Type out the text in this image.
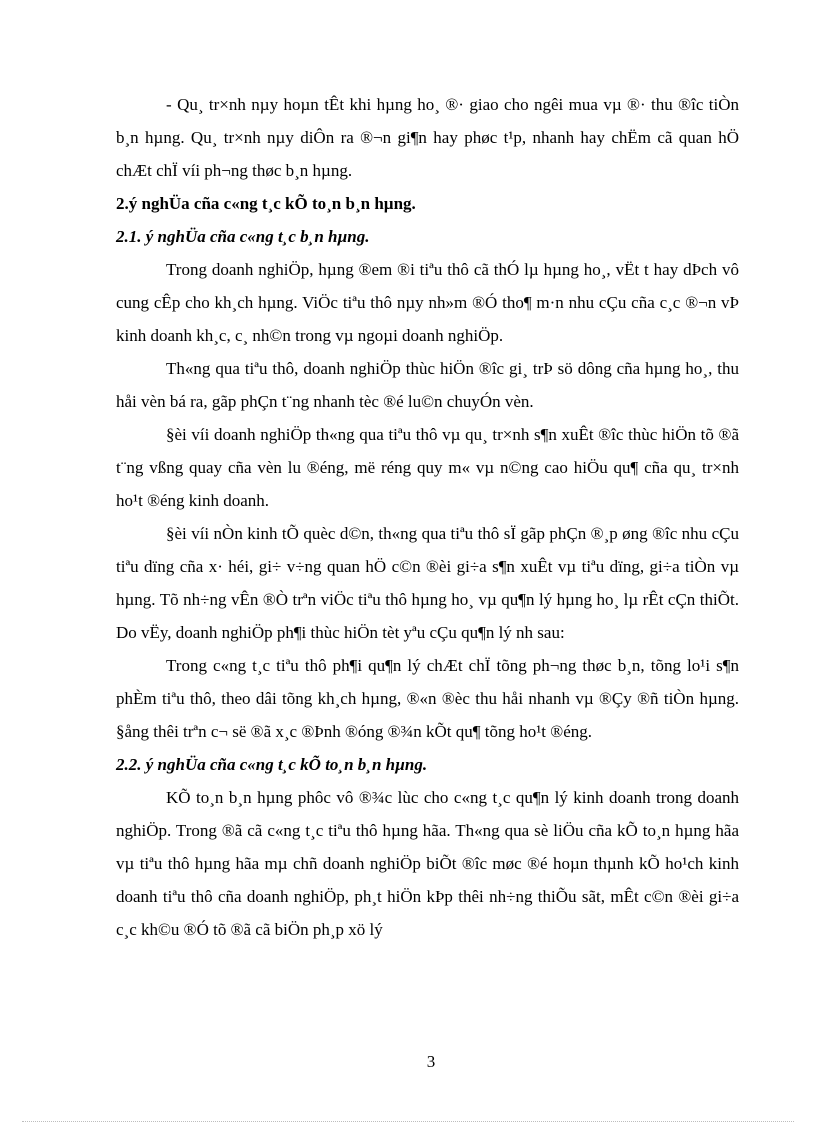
- Qu¸ tr×nh nµy hoµn tÊt khi hµng ho¸ ®· giao cho ngêi mua vµ ®· thu ®îc tiÒn b¸n hµng. Qu¸ tr×nh nµy diÔn ra ®¬n gi¶n hay phøc t¹p, nhanh hay chËm cã quan hÖ chÆt chÏ víi ph¬ng thøc b¸n hµng.

2.ý nghÜa cña c«ng t¸c kÕ to¸n b¸n hµng.

2.1. ý nghÜa cña c«ng t¸c b¸n hµng.

Trong doanh nghiÖp, hµng ®em ®i tiªu thô cã thÓ lµ hµng ho¸, vËt t hay dÞch vô cung cÊp cho kh¸ch hµng. ViÖc tiªu thô nµy nh»m ®Ó tho¶ m·n nhu cÇu cña c¸c ®¬n vÞ kinh doanh kh¸c, c¸ nh©n trong vµ ngoµi doanh nghiÖp.

Th«ng qua tiªu thô, doanh nghiÖp thùc hiÖn ®îc gi¸ trÞ sö dông cña hµng ho¸, thu håi vèn bá ra, gãp phÇn t¨ng nhanh tèc ®é lu©n chuyÓn vèn.

§èi víi doanh nghiÖp th«ng qua tiªu thô vµ qu¸ tr×nh s¶n xuÊt ®îc thùc hiÖn tõ ®ã t¨ng vßng quay cña vèn lu ®éng, më réng quy m« vµ n©ng cao hiÖu qu¶ cña qu¸ tr×nh ho¹t ®éng kinh doanh.

§èi víi nÒn kinh tÕ quèc d©n, th«ng qua tiªu thô sÏ gãp phÇn ®¸p øng ®îc nhu cÇu tiªu dïng cña x· héi, gi÷ v÷ng quan hÖ c©n ®èi gi÷a s¶n xuÊt vµ tiªu dïng, gi÷a tiÒn vµ hµng. Tõ nh÷ng vÊn ®Ò trªn viÖc tiªu thô hµng ho¸ vµ qu¶n lý hµng ho¸ lµ rÊt cÇn thiÕt. Do vËy, doanh nghiÖp ph¶i thùc hiÖn tèt yªu cÇu qu¶n lý nh sau:

Trong c«ng t¸c tiªu thô ph¶i qu¶n lý chÆt chÏ tõng ph¬ng thøc b¸n, tõng lo¹i s¶n phÈm tiªu thô, theo dâi tõng kh¸ch hµng, ®«n ®èc thu håi nhanh vµ ®Çy ®ñ tiÒn hµng. §ång thêi trªn c¬ së ®ã x¸c ®Þnh ®óng ®¾n kÕt qu¶ tõng ho¹t ®éng.

2.2. ý nghÜa cña c«ng t¸c kÕ to¸n b¸n hµng.

KÕ to¸n b¸n hµng phôc vô ®¾c lùc cho c«ng t¸c qu¶n lý kinh doanh trong doanh nghiÖp. Trong ®ã cã c«ng t¸c tiªu thô hµng hãa. Th«ng qua sè liÖu cña kÕ to¸n hµng hãa vµ tiªu thô hµng hãa mµ chñ doanh nghiÖp biÕt ®îc møc ®é hoµn thµnh kÕ ho¹ch kinh doanh tiªu thô cña doanh nghiÖp, ph¸t hiÖn kÞp thêi nh÷ng thiÕu sãt, mÊt c©n ®èi gi÷a c¸c kh©u ®Ó tõ ®ã cã biÖn ph¸p xö lý

3
